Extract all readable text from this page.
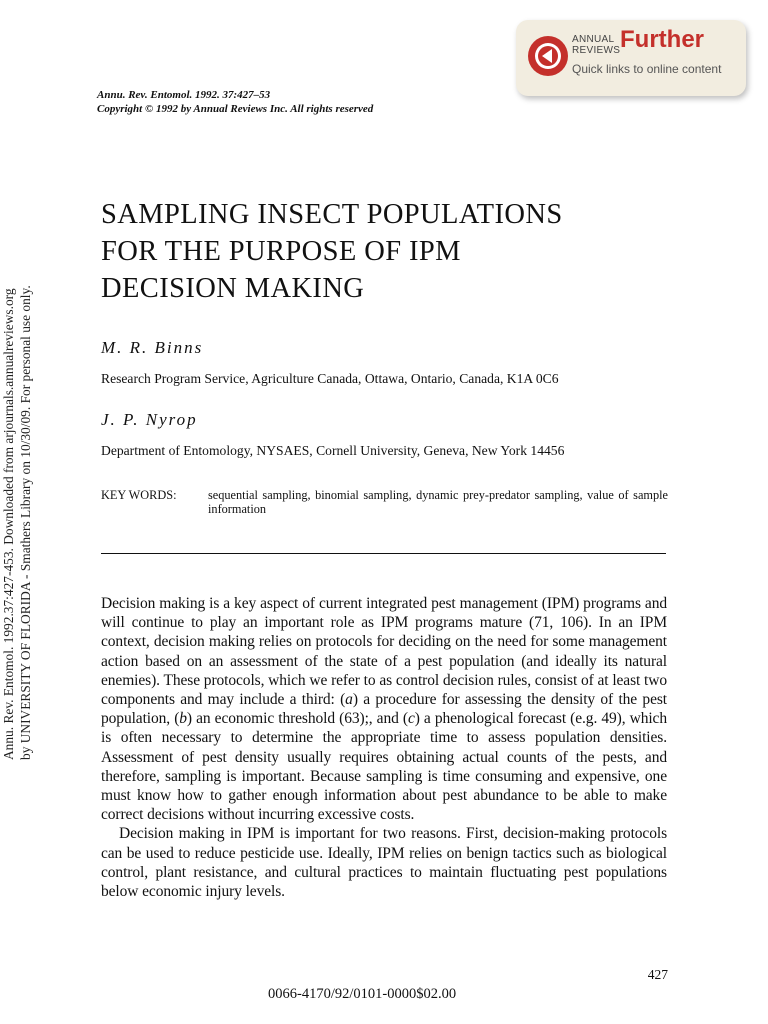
ANNUAL
REVIEWS Further
Quick links to online content
Annu. Rev. Entomol. 1992.37:427-453. Downloaded from arjournals.annualreviews.org by UNIVERSITY OF FLORIDA - Smathers Library on 10/30/09. For personal use only.
Annu. Rev. Entomol. 1992. 37:427–53
Copyright © 1992 by Annual Reviews Inc. All rights reserved
SAMPLING INSECT POPULATIONS
FOR THE PURPOSE OF IPM
DECISION MAKING
M. R. Binns
Research Program Service, Agriculture Canada, Ottawa, Ontario, Canada, K1A 0C6
J. P. Nyrop
Department of Entomology, NYSAES, Cornell University, Geneva, New York 14456
KEY WORDS:	sequential sampling, binomial sampling, dynamic prey-predator sampling, value of sample information

Decision making is a key aspect of current integrated pest management (IPM) programs and will continue to play an important role as IPM programs mature (71, 106). In an IPM context, decision making relies on protocols for deciding on the need for some management action based on an assessment of the state of a pest population (and ideally its natural enemies). These protocols, which we refer to as control decision rules, consist of at least two components and may include a third: (a) a procedure for assessing the density of the pest population, (b) an economic threshold (63);, and (c) a phenological forecast (e.g. 49), which is often necessary to determine the appropriate time to assess population densities. Assessment of pest density usually requires obtaining actual counts of the pests, and therefore, sampling is important. Because sampling is time consuming and expensive, one must know how to gather enough information about pest abundance to be able to make correct decisions without incurring excessive costs.

Decision making in IPM is important for two reasons. First, decision-making protocols can be used to reduce pesticide use. Ideally, IPM relies on benign tactics such as biological control, plant resistance, and cultural practices to maintain fluctuating pest populations below economic injury levels.

427
0066-4170/92/0101-0000$02.00
